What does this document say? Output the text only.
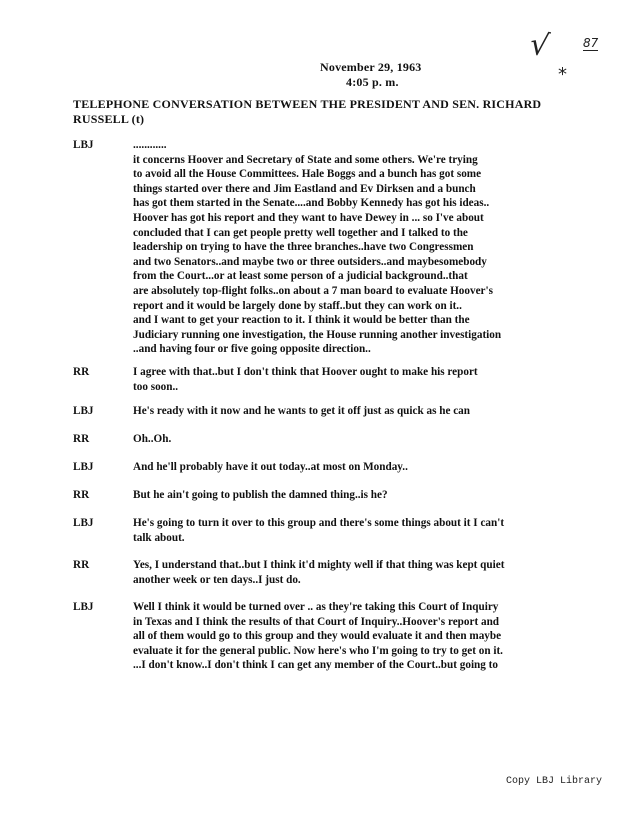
√	87
*
November 29, 1963
4:05 p. m.
TELEPHONE CONVERSATION BETWEEN THE PRESIDENT AND SEN. RICHARD
RUSSELL (t)
LBJ	............
it concerns Hoover and Secretary of State and some others. We're trying
to avoid all the House Committees. Hale Boggs and a bunch has got some
things started over there and Jim Eastland and Ev Dirksen and a bunch
has got them started in the Senate....and Bobby Kennedy has got his ideas..
Hoover has got his report and they want to have Dewey in ... so I've about
concluded that I can get people pretty well together and I talked to the
leadership on trying to have the three branches..have two Congressmen
and two Senators..and maybe two or three outsiders..and maybesomebody
from the Court...or at least some person of a judicial background..that
are absolutely top-flight folks..on about a 7 man board to evaluate Hoover's
report and it would be largely done by staff..but they can work on it..
and I want to get your reaction to it. I think it would be better than the
Judiciary running one investigation, the House running another investigation
..and having four or five going opposite direction..
RR	I agree with that..but I don't think that Hoover ought to make his report
too soon..
LBJ	He's ready with it now and he wants to get it off just as quick as he can
RR	Oh..Oh.
LBJ	And he'll probably have it out today..at most on Monday..
RR	But he ain't going to publish the damned thing..is he?
LBJ	He's going to turn it over to this group and there's some things about it I can't
talk about.
RR	Yes, I understand that..but I think it'd mighty well if that thing was kept quiet
another week or ten days..I just do.
LBJ	Well I think it would be turned over .. as they're taking this Court of Inquiry
in Texas and I think the results of that Court of Inquiry..Hoover's report and
all of them would go to this group and they would evaluate it and then maybe
evaluate it for the general public. Now here's who I'm going to try to get on it.
...I don't know..I don't think I can get any member of the Court..but going to
Copy LBJ Library
